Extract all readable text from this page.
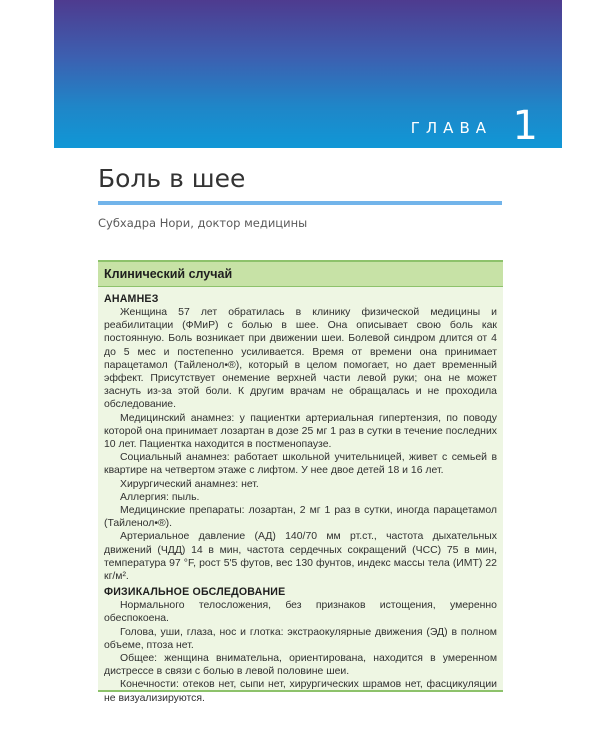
ГЛАВА 1
Боль в шее
Субхадра Нори, доктор медицины
Клинический случай
АНАМНЕЗ

Женщина 57 лет обратилась в клинику физической медицины и реабилитации (ФМиР) с болью в шее. Она описывает свою боль как постоянную. Боль возникает при движении шеи. Болевой синдром длится от 4 до 5 мес и постепенно усиливается. Время от времени она принимает парацетамол (Тайленол•®), который в целом помогает, но дает временный эффект. Присутствует онемение верхней части левой руки; она не может заснуть из-за этой боли. К другим врачам не обращалась и не проходила обследование.

Медицинский анамнез: у пациентки артериальная гипертензия, по поводу которой она принимает лозартан в дозе 25 мг 1 раз в сутки в течение последних 10 лет. Пациентка находится в постменопаузе.

Социальный анамнез: работает школьной учительницей, живет с семьей в квартире на четвертом этаже с лифтом. У нее двое детей 18 и 16 лет.

Хирургический анамнез: нет.

Аллергия: пыль.

Медицинские препараты: лозартан, 2 мг 1 раз в сутки, иногда парацетамол (Тайленол•®).

Артериальное давление (АД) 140/70 мм рт.ст., частота дыхательных движений (ЧДД) 14 в мин, частота сердечных сокращений (ЧСС) 75 в мин, температура 97 °F, рост 5'5 футов, вес 130 фунтов, индекс массы тела (ИМТ) 22 кг/м².

ФИЗИКАЛЬНОЕ ОБСЛЕДОВАНИЕ

Нормального телосложения, без признаков истощения, умеренно обеспокоена.

Голова, уши, глаза, нос и глотка: экстраокулярные движения (ЭД) в полном объеме, птоза нет.

Общее: женщина внимательна, ориентирована, находится в умеренном дистрессе в связи с болью в левой половине шеи.

Конечности: отеков нет, сыпи нет, хирургических шрамов нет, фасцикуляции не визуализируются.
